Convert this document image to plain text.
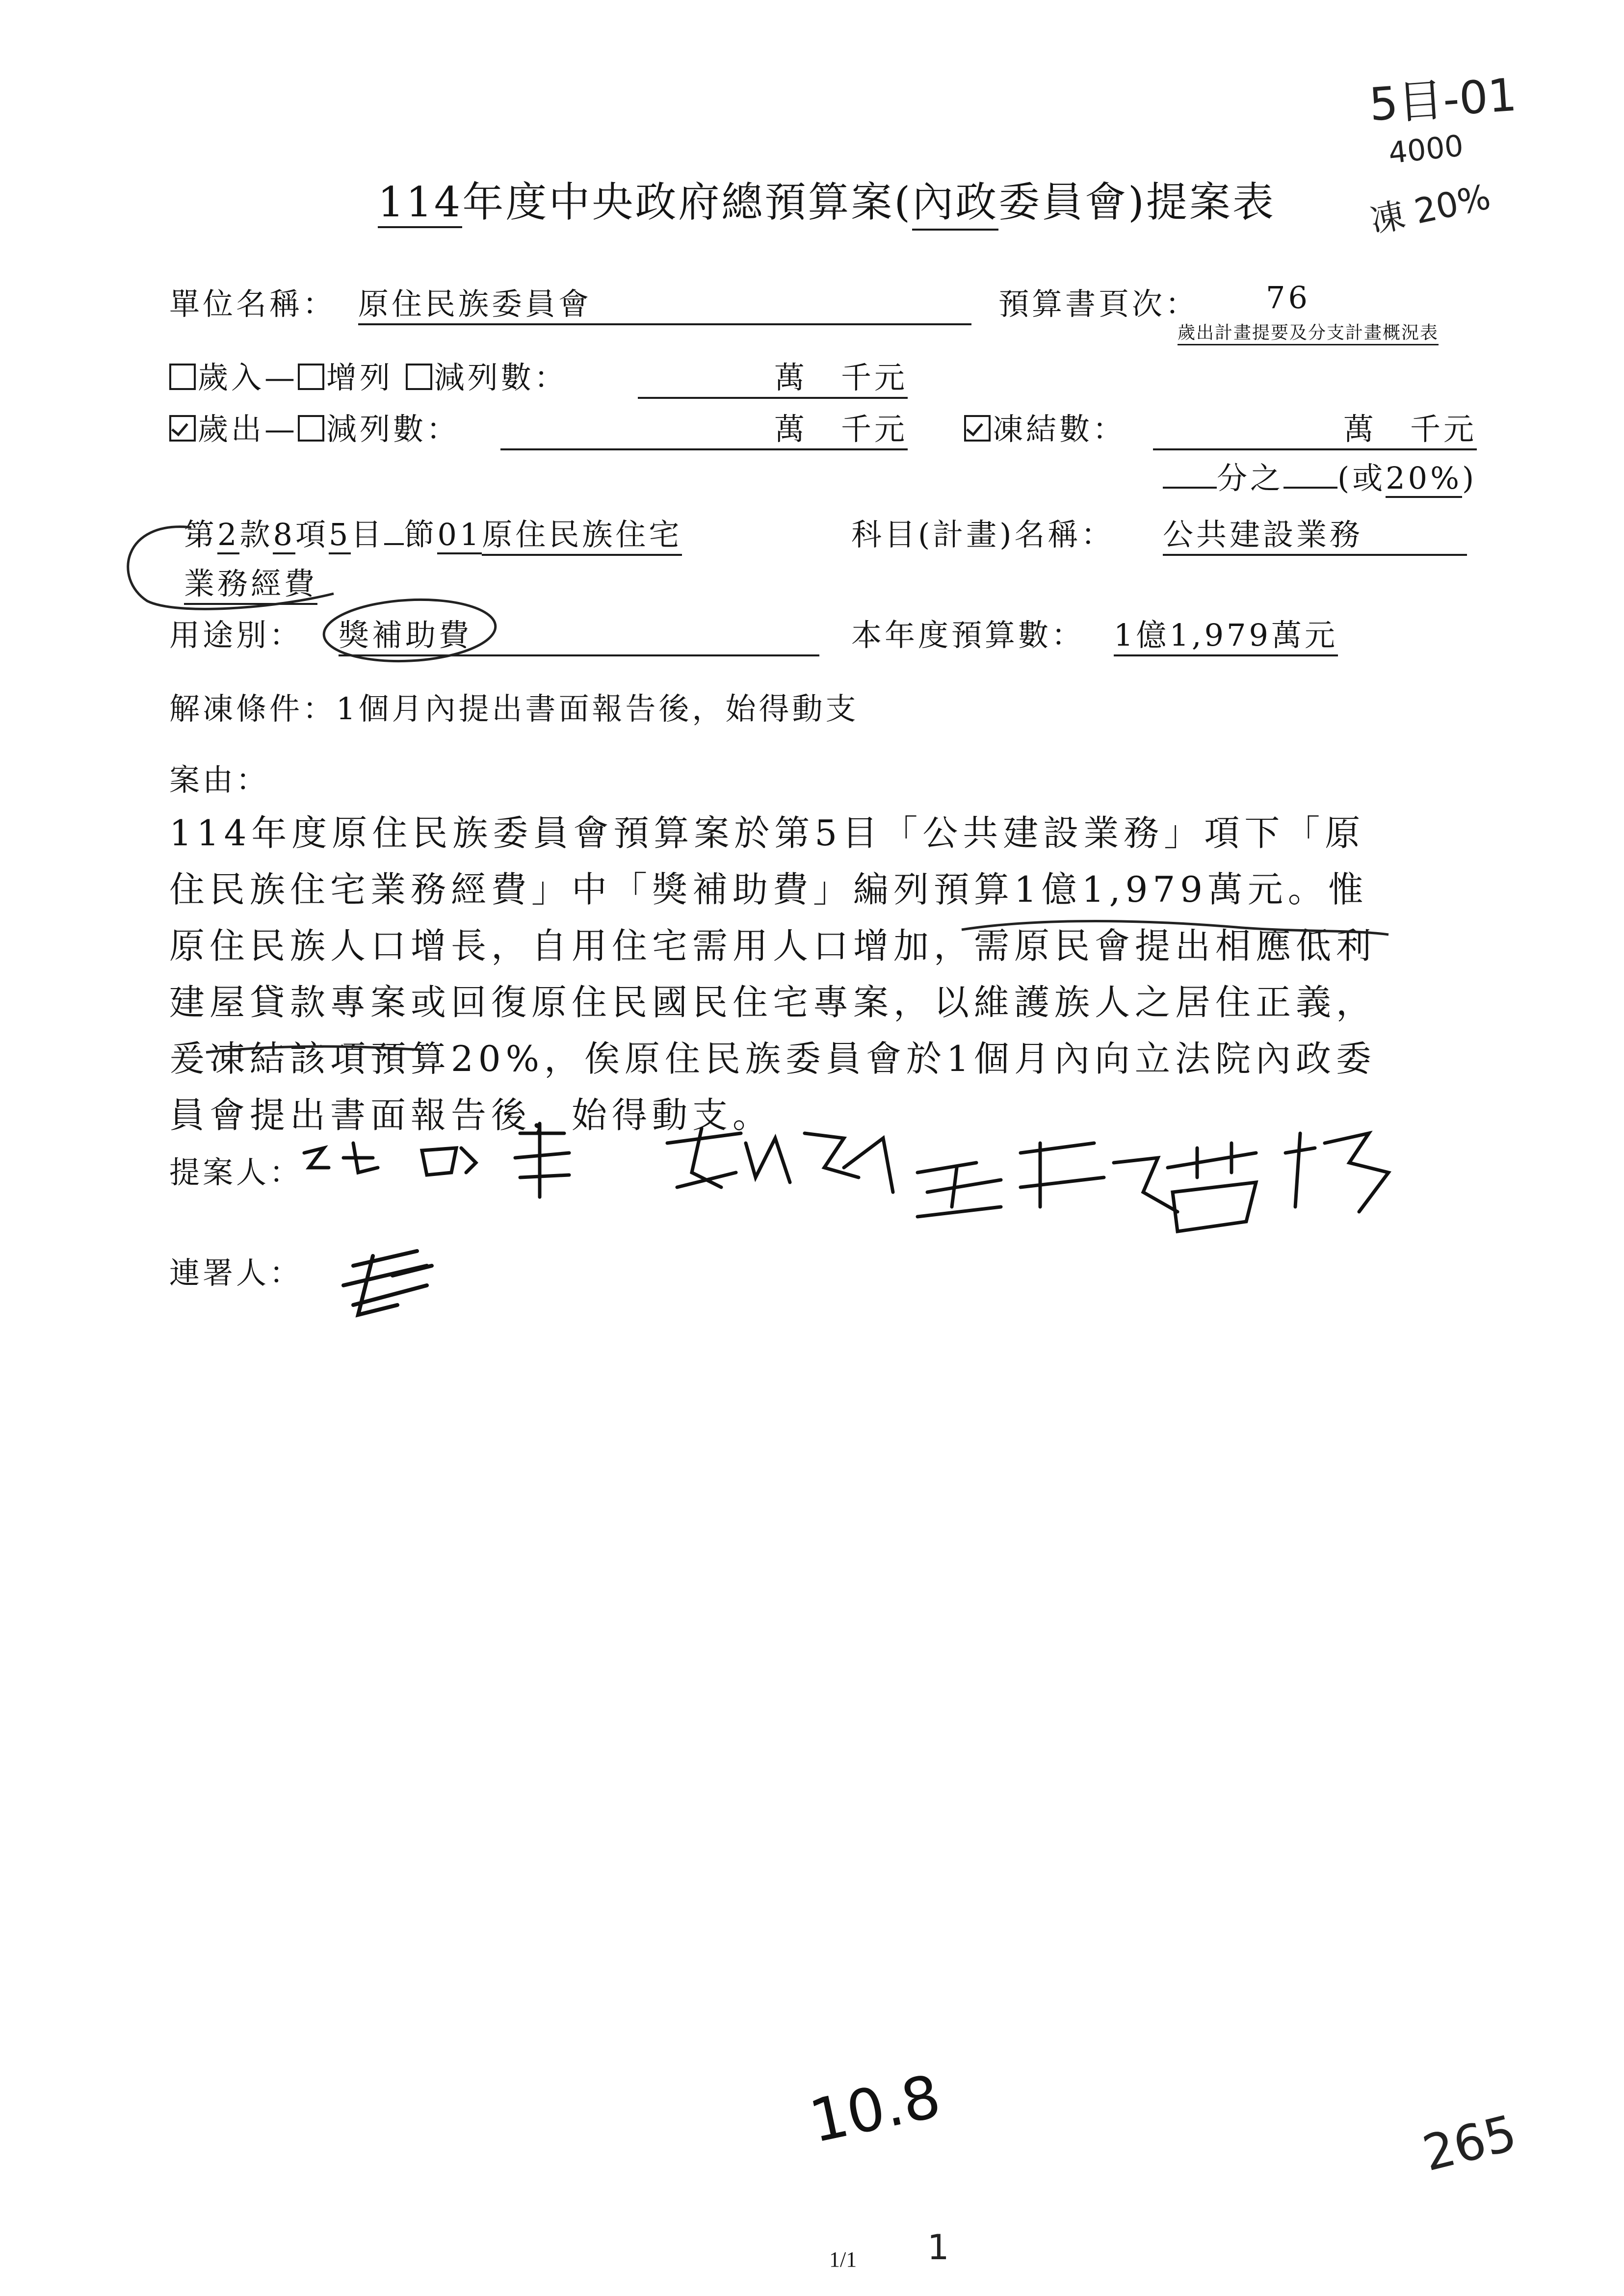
5目-01
4000
凍 20%
114年度中央政府總預算案(內政委員會)提案表
單位名稱： 原住民族委員會	預算書頁次： 76
歲出計畫提要及分支計畫概況表
歲入— 增列 減列數：	萬　千元
歲出— 減列數：	萬　千元	凍結數：	萬　千元
分之 (或20%)
第2款8項5目 節01原住民族住宅	科目(計畫)名稱： 公共建設業務
業務經費
用途別： 獎補助費	本年度預算數： 1億1,979萬元
解凍條件：1個月內提出書面報告後，始得動支
案由：
114年度原住民族委員會預算案於第5目「公共建設業務」項下「原
住民族住宅業務經費」中「獎補助費」編列預算1億1,979萬元。惟
原住民族人口增長，自用住宅需用人口增加，需原民會提出相應低利
建屋貸款專案或回復原住民國民住宅專案，以維護族人之居住正義，
爰凍結該項預算20%，俟原住民族委員會於1個月內向立法院內政委
員會提出書面報告後，始得動支。
提案人：
連署人：
10.8	265
1
1/1
